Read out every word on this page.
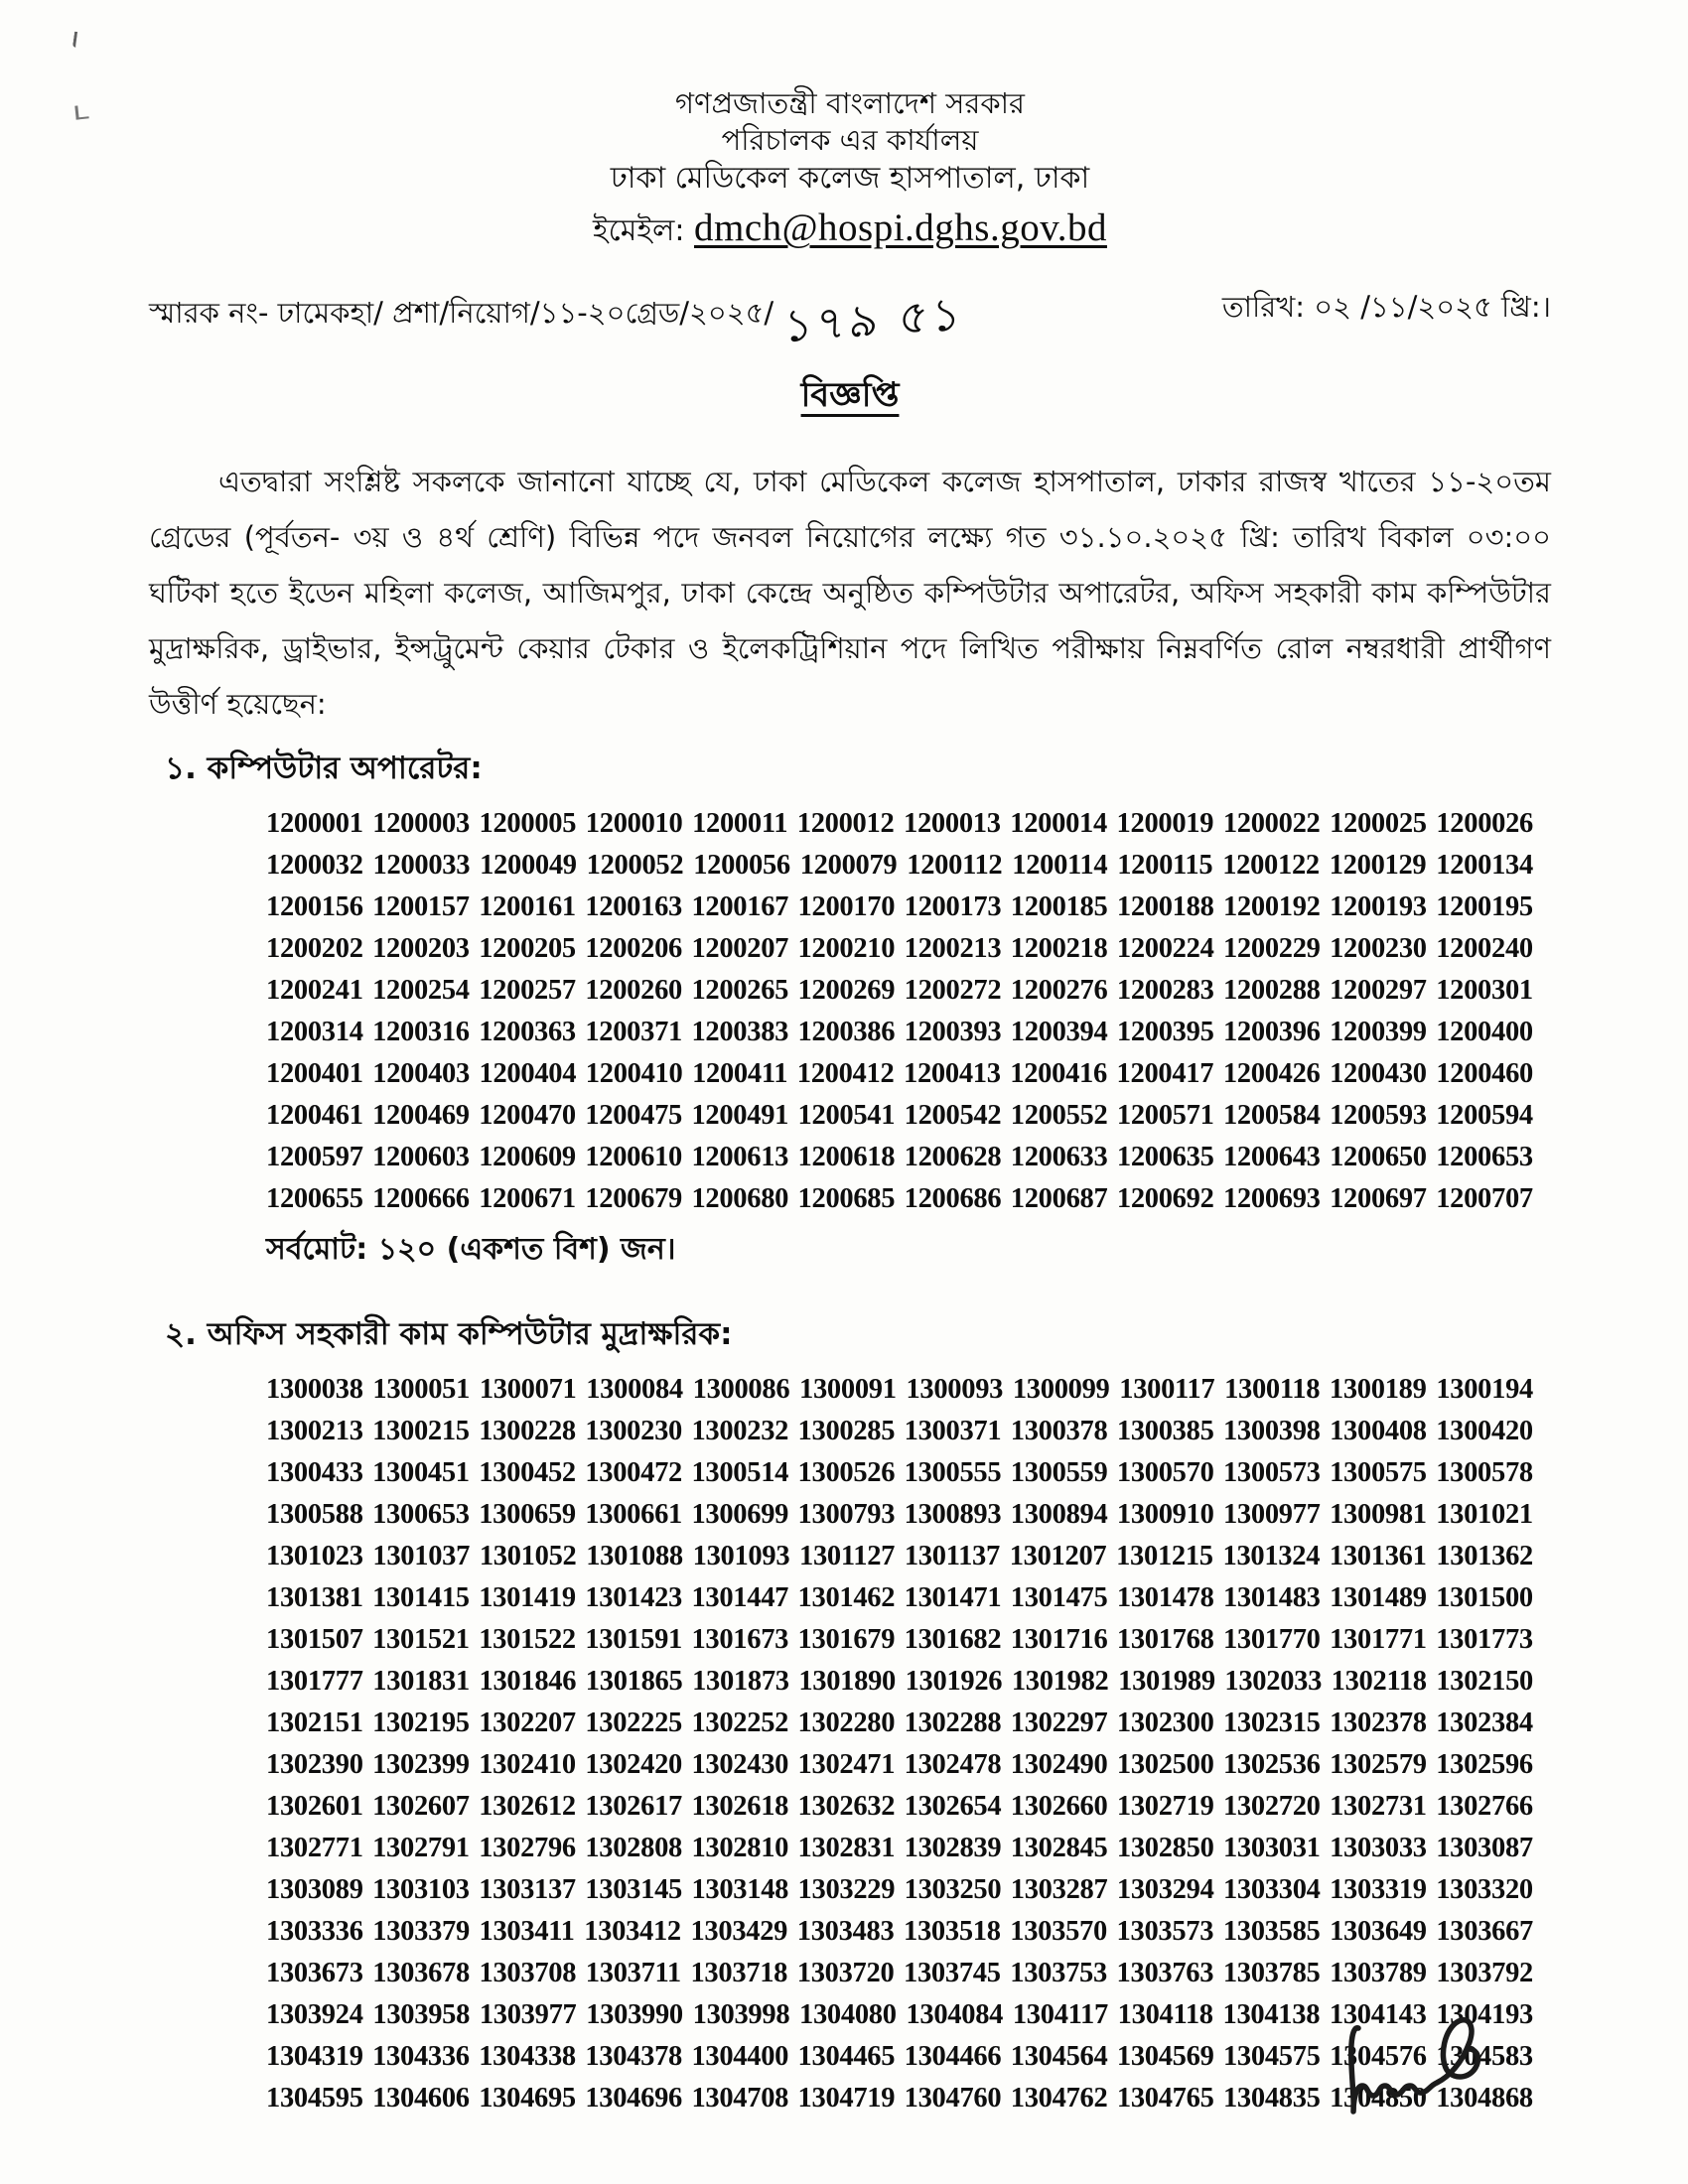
গণপ্রজাতন্ত্রী বাংলাদেশ সরকার
পরিচালক এর কার্যালয়
ঢাকা মেডিকেল কলেজ হাসপাতাল, ঢাকা
ইমেইল: dmch@hospi.dghs.gov.bd
স্মারক নং- ঢামেকহা/ প্রশা/নিয়োগ/১১-২০গ্রেড/২০২৫/ ১৭৯ ৫১	তারিখ: ০২ /১১/২০২৫ খ্রি:।
বিজ্ঞপ্তি
এতদ্বারা সংশ্লিষ্ট সকলকে জানানো যাচ্ছে যে, ঢাকা মেডিকেল কলেজ হাসপাতাল, ঢাকার রাজস্ব খাতের ১১-২০তম গ্রেডের (পূর্বতন- ৩য় ও ৪র্থ শ্রেণি) বিভিন্ন পদে জনবল নিয়োগের লক্ষ্যে গত ৩১.১০.২০২৫ খ্রি: তারিখ বিকাল ০৩:০০ ঘটিকা হতে ইডেন মহিলা কলেজ, আজিমপুর, ঢাকা কেন্দ্রে অনুষ্ঠিত কম্পিউটার অপারেটর, অফিস সহকারী কাম কম্পিউটার মুদ্রাক্ষরিক, ড্রাইভার, ইন্সট্রুমেন্ট কেয়ার টেকার ও ইলেকট্রিশিয়ান পদে লিখিত পরীক্ষায় নিম্নবর্ণিত রোল নম্বরধারী প্রার্থীগণ উত্তীর্ণ হয়েছেন:
১. কম্পিউটার অপারেটর:
1200001 1200003 1200005 1200010 1200011 1200012 1200013 1200014 1200019 1200022 1200025 1200026
1200032 1200033 1200049 1200052 1200056 1200079 1200112 1200114 1200115 1200122 1200129 1200134
1200156 1200157 1200161 1200163 1200167 1200170 1200173 1200185 1200188 1200192 1200193 1200195
1200202 1200203 1200205 1200206 1200207 1200210 1200213 1200218 1200224 1200229 1200230 1200240
1200241 1200254 1200257 1200260 1200265 1200269 1200272 1200276 1200283 1200288 1200297 1200301
1200314 1200316 1200363 1200371 1200383 1200386 1200393 1200394 1200395 1200396 1200399 1200400
1200401 1200403 1200404 1200410 1200411 1200412 1200413 1200416 1200417 1200426 1200430 1200460
1200461 1200469 1200470 1200475 1200491 1200541 1200542 1200552 1200571 1200584 1200593 1200594
1200597 1200603 1200609 1200610 1200613 1200618 1200628 1200633 1200635 1200643 1200650 1200653
1200655 1200666 1200671 1200679 1200680 1200685 1200686 1200687 1200692 1200693 1200697 1200707
সর্বমোট: ১২০ (একশত বিশ) জন।
২. অফিস সহকারী কাম কম্পিউটার মুদ্রাক্ষরিক:
1300038 1300051 1300071 1300084 1300086 1300091 1300093 1300099 1300117 1300118 1300189 1300194
1300213 1300215 1300228 1300230 1300232 1300285 1300371 1300378 1300385 1300398 1300408 1300420
1300433 1300451 1300452 1300472 1300514 1300526 1300555 1300559 1300570 1300573 1300575 1300578
1300588 1300653 1300659 1300661 1300699 1300793 1300893 1300894 1300910 1300977 1300981 1301021
1301023 1301037 1301052 1301088 1301093 1301127 1301137 1301207 1301215 1301324 1301361 1301362
1301381 1301415 1301419 1301423 1301447 1301462 1301471 1301475 1301478 1301483 1301489 1301500
1301507 1301521 1301522 1301591 1301673 1301679 1301682 1301716 1301768 1301770 1301771 1301773
1301777 1301831 1301846 1301865 1301873 1301890 1301926 1301982 1301989 1302033 1302118 1302150
1302151 1302195 1302207 1302225 1302252 1302280 1302288 1302297 1302300 1302315 1302378 1302384
1302390 1302399 1302410 1302420 1302430 1302471 1302478 1302490 1302500 1302536 1302579 1302596
1302601 1302607 1302612 1302617 1302618 1302632 1302654 1302660 1302719 1302720 1302731 1302766
1302771 1302791 1302796 1302808 1302810 1302831 1302839 1302845 1302850 1303031 1303033 1303087
1303089 1303103 1303137 1303145 1303148 1303229 1303250 1303287 1303294 1303304 1303319 1303320
1303336 1303379 1303411 1303412 1303429 1303483 1303518 1303570 1303573 1303585 1303649 1303667
1303673 1303678 1303708 1303711 1303718 1303720 1303745 1303753 1303763 1303785 1303789 1303792
1303924 1303958 1303977 1303990 1303998 1304080 1304084 1304117 1304118 1304138 1304143 1304193
1304319 1304336 1304338 1304378 1304400 1304465 1304466 1304564 1304569 1304575 1304576 1304583
1304595 1304606 1304695 1304696 1304708 1304719 1304760 1304762 1304765 1304835 1304850 1304868
